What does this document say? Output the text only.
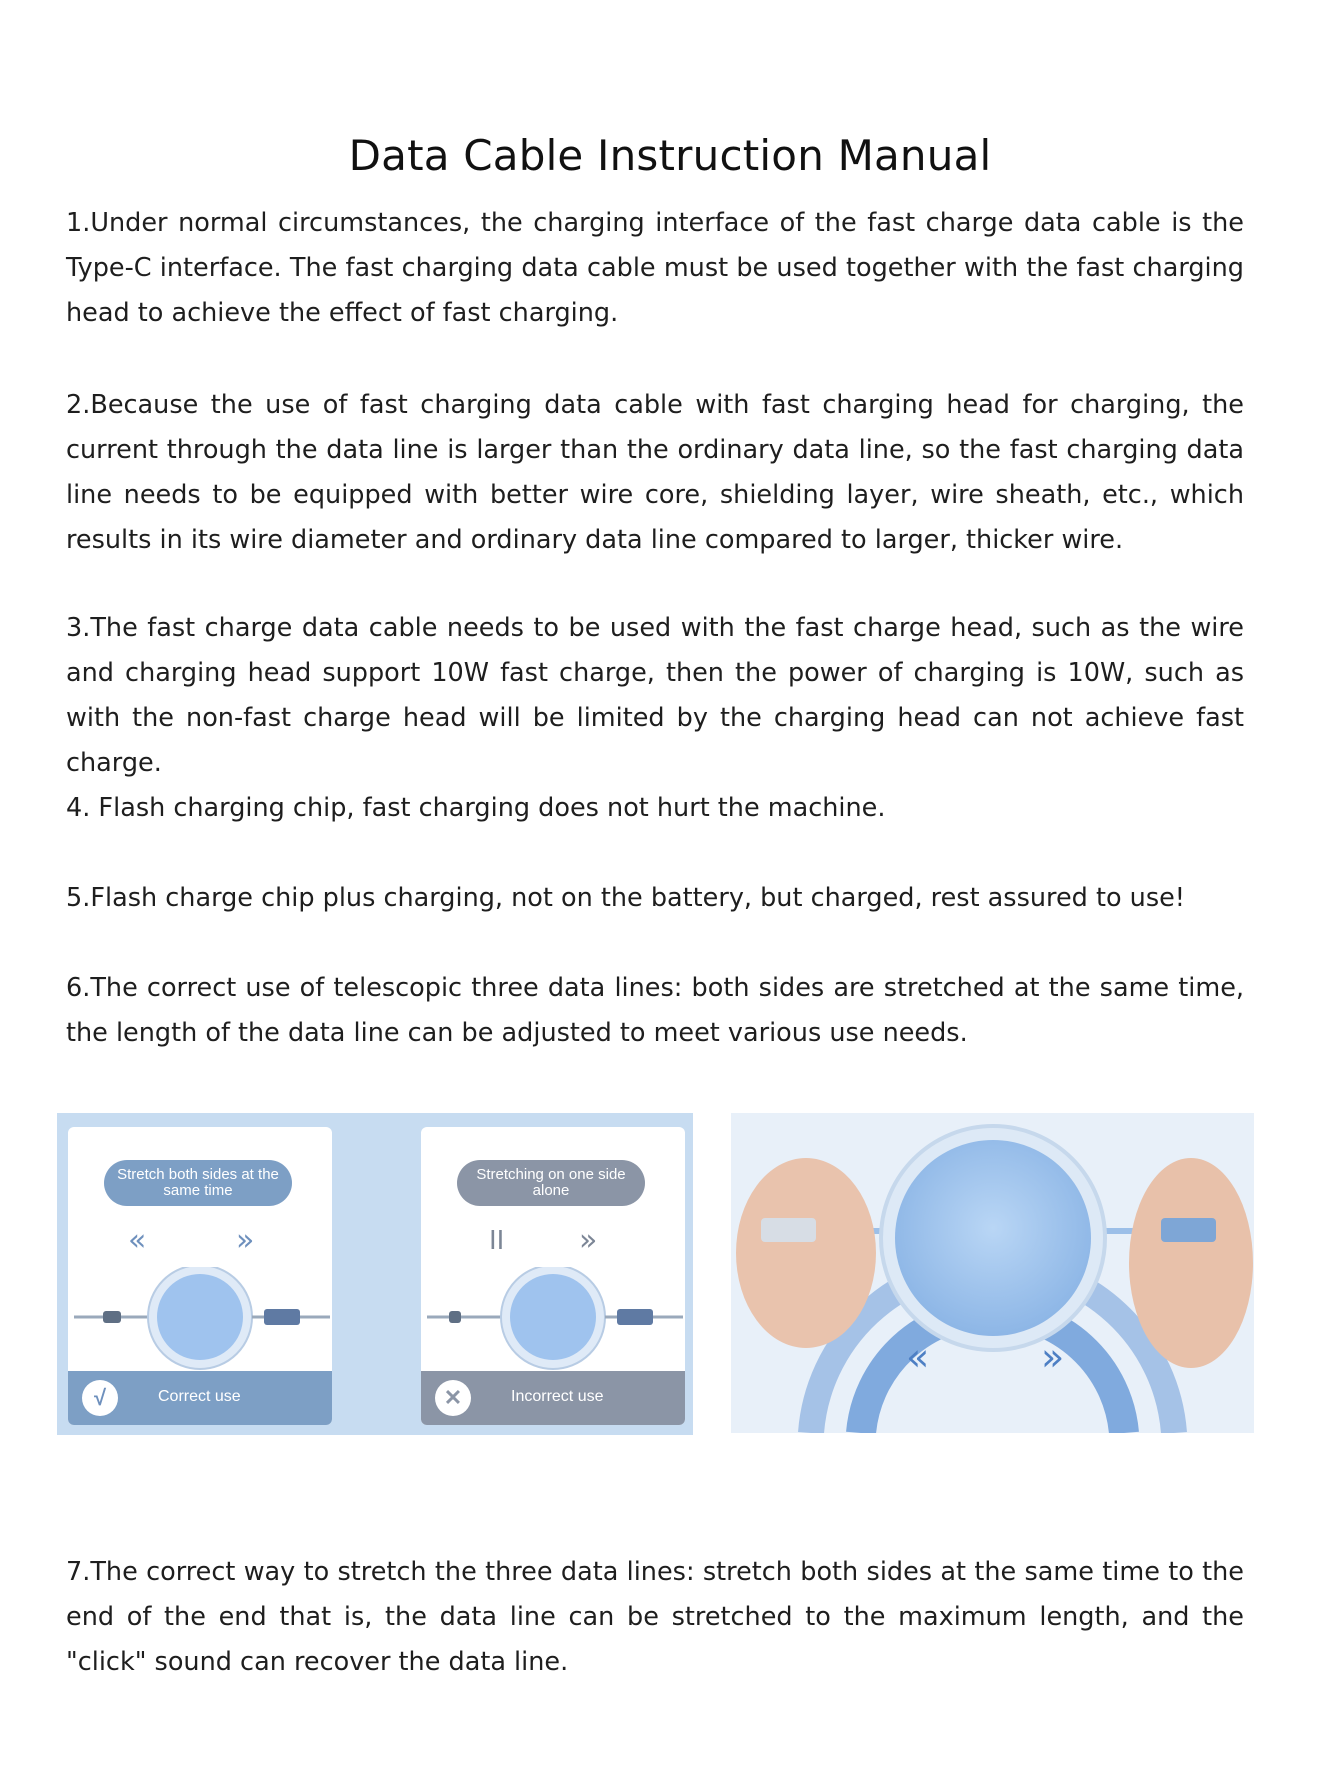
Data Cable Instruction Manual

1.Under normal circumstances, the charging interface of the fast charge data cable is the Type-C interface. The fast charging data cable must be used together with the fast charging head to achieve the effect of fast charging.

2.Because the use of fast charging data cable with fast charging head for charging, the current through the data line is larger than the ordinary data line, so the fast charging data line needs to be equipped with better wire core, shielding layer, wire sheath, etc., which results in its wire diameter and ordinary data line compared to larger, thicker wire.

3.The fast charge data cable needs to be used with the fast charge head, such as the wire and charging head support 10W fast charge, then the power of charging is 10W, such as with the non-fast charge head will be limited by the charging head can not achieve fast charge.

4. Flash charging chip, fast charging does not hurt the machine.

5.Flash charge chip plus charging, not on the battery, but charged, rest assured to use!

6.The correct use of telescopic three data lines: both sides are stretched at the same time, the length of the data line can be adjusted to meet various use needs.

Stretch both sides at the same time
«	»
√	Correct use
Stretching on one side alone
II »
✕	Incorrect use
«	»

7.The correct way to stretch the three data lines: stretch both sides at the same time to the end of the end that is, the data line can be stretched to the maximum length, and the "click" sound can recover the data line.
